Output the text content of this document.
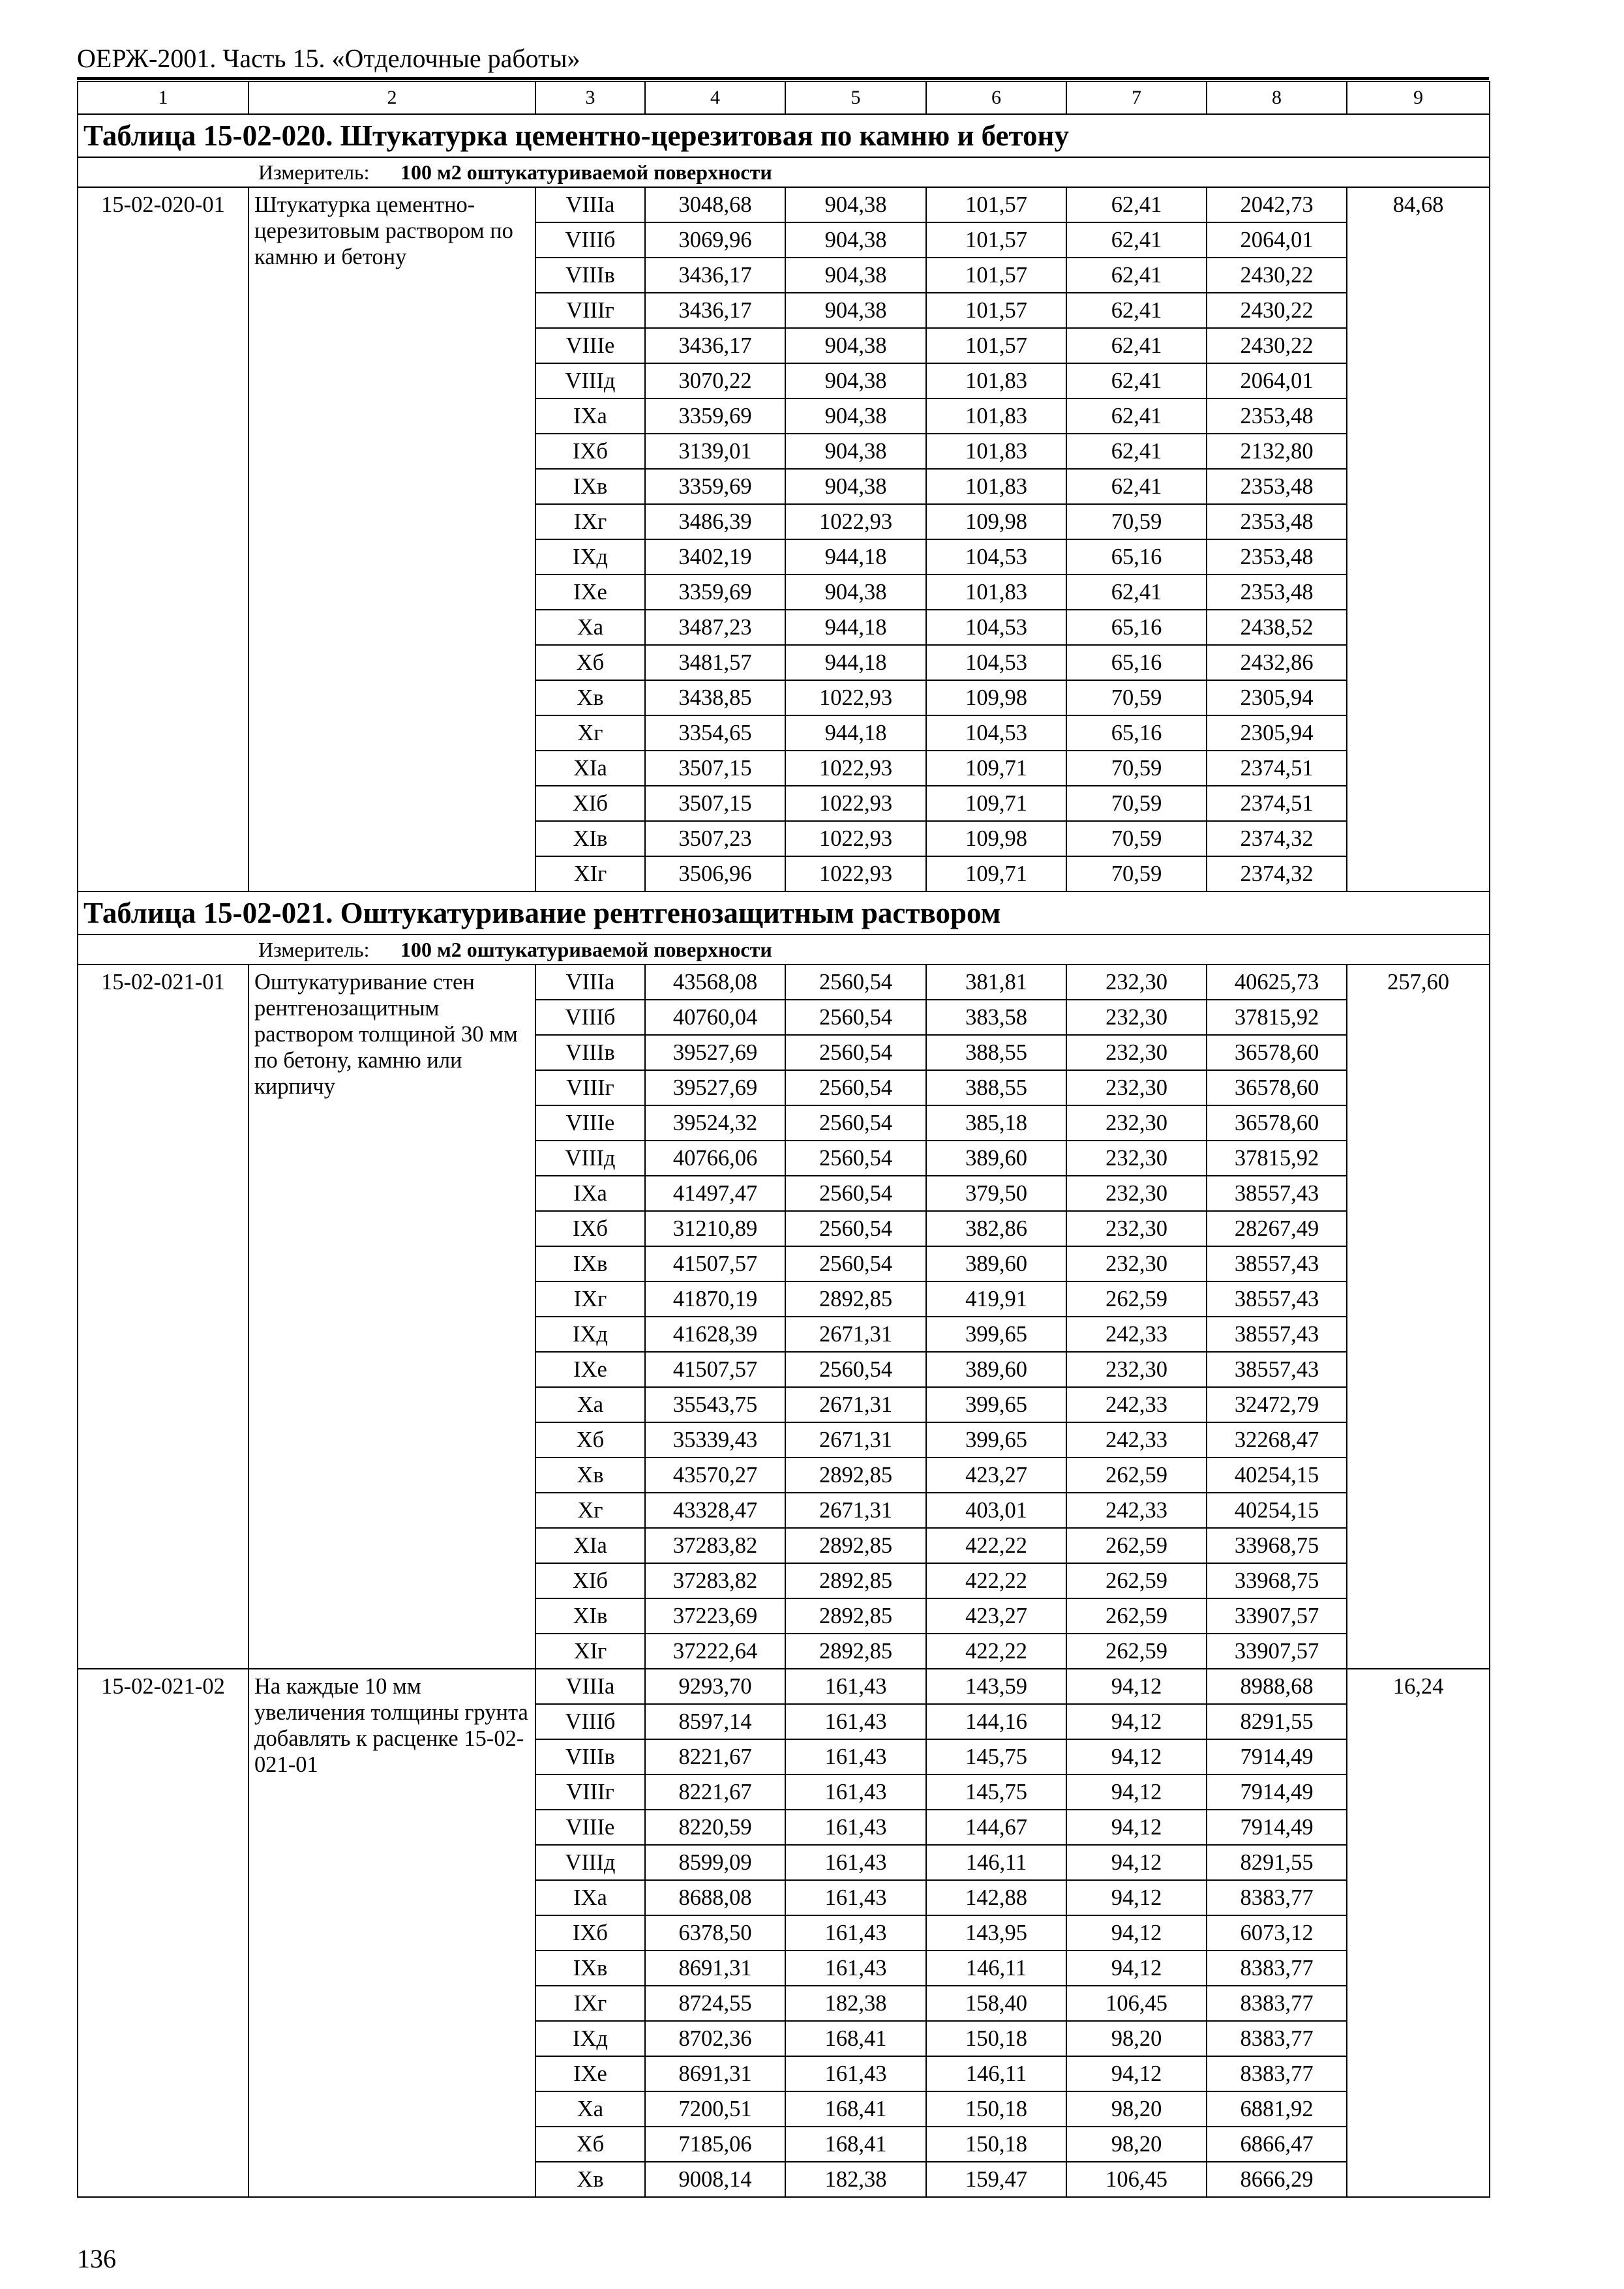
ОЕРЖ-2001. Часть 15. «Отделочные работы»
1	2	3	4	5	6	7	8	9
Таблица 15-02-020. Штукатурка цементно-церезитовая по камню и бетону								
Измеритель: 100 м2 оштукатуриваемой поверхности								
15-02-020-01	Штукатурка цементно-церезитовым раствором по камню и бетону	VIIIа	3048,68	904,38	101,57	62,41	2042,73	84,68
		VIIIб	3069,96	904,38	101,57	62,41	2064,01	
		VIIIв	3436,17	904,38	101,57	62,41	2430,22	
		VIIIг	3436,17	904,38	101,57	62,41	2430,22	
		VIIIе	3436,17	904,38	101,57	62,41	2430,22	
		VIIIд	3070,22	904,38	101,83	62,41	2064,01	
		IXа	3359,69	904,38	101,83	62,41	2353,48	
		IXб	3139,01	904,38	101,83	62,41	2132,80	
		IXв	3359,69	904,38	101,83	62,41	2353,48	
		IXг	3486,39	1022,93	109,98	70,59	2353,48	
		IXд	3402,19	944,18	104,53	65,16	2353,48	
		IXе	3359,69	904,38	101,83	62,41	2353,48	
		Xа	3487,23	944,18	104,53	65,16	2438,52	
		Xб	3481,57	944,18	104,53	65,16	2432,86	
		Xв	3438,85	1022,93	109,98	70,59	2305,94	
		Xг	3354,65	944,18	104,53	65,16	2305,94	
		XIа	3507,15	1022,93	109,71	70,59	2374,51	
		XIб	3507,15	1022,93	109,71	70,59	2374,51	
		XIв	3507,23	1022,93	109,98	70,59	2374,32	
		XIг	3506,96	1022,93	109,71	70,59	2374,32	
Таблица 15-02-021. Оштукатуривание рентгенозащитным раствором								
Измеритель: 100 м2 оштукатуриваемой поверхности								
15-02-021-01	Оштукатуривание стен рентгенозащитным раствором толщиной 30 мм по бетону, камню или кирпичу	VIIIа	43568,08	2560,54	381,81	232,30	40625,73	257,60
		VIIIб	40760,04	2560,54	383,58	232,30	37815,92	
		VIIIв	39527,69	2560,54	388,55	232,30	36578,60	
		VIIIг	39527,69	2560,54	388,55	232,30	36578,60	
		VIIIе	39524,32	2560,54	385,18	232,30	36578,60	
		VIIIд	40766,06	2560,54	389,60	232,30	37815,92	
		IXа	41497,47	2560,54	379,50	232,30	38557,43	
		IXб	31210,89	2560,54	382,86	232,30	28267,49	
		IXв	41507,57	2560,54	389,60	232,30	38557,43	
		IXг	41870,19	2892,85	419,91	262,59	38557,43	
		IXд	41628,39	2671,31	399,65	242,33	38557,43	
		IXе	41507,57	2560,54	389,60	232,30	38557,43	
		Xа	35543,75	2671,31	399,65	242,33	32472,79	
		Xб	35339,43	2671,31	399,65	242,33	32268,47	
		Xв	43570,27	2892,85	423,27	262,59	40254,15	
		Xг	43328,47	2671,31	403,01	242,33	40254,15	
		XIа	37283,82	2892,85	422,22	262,59	33968,75	
		XIб	37283,82	2892,85	422,22	262,59	33968,75	
		XIв	37223,69	2892,85	423,27	262,59	33907,57	
		XIг	37222,64	2892,85	422,22	262,59	33907,57	
15-02-021-02	На каждые 10 мм увеличения толщины грунта добавлять к расценке 15-02-021-01	VIIIа	9293,70	161,43	143,59	94,12	8988,68	16,24
		VIIIб	8597,14	161,43	144,16	94,12	8291,55	
		VIIIв	8221,67	161,43	145,75	94,12	7914,49	
		VIIIг	8221,67	161,43	145,75	94,12	7914,49	
		VIIIе	8220,59	161,43	144,67	94,12	7914,49	
		VIIIд	8599,09	161,43	146,11	94,12	8291,55	
		IXа	8688,08	161,43	142,88	94,12	8383,77	
		IXб	6378,50	161,43	143,95	94,12	6073,12	
		IXв	8691,31	161,43	146,11	94,12	8383,77	
		IXг	8724,55	182,38	158,40	106,45	8383,77	
		IXд	8702,36	168,41	150,18	98,20	8383,77	
		IXе	8691,31	161,43	146,11	94,12	8383,77	
		Xа	7200,51	168,41	150,18	98,20	6881,92	
		Xб	7185,06	168,41	150,18	98,20	6866,47	
		Xв	9008,14	182,38	159,47	106,45	8666,29	
136
